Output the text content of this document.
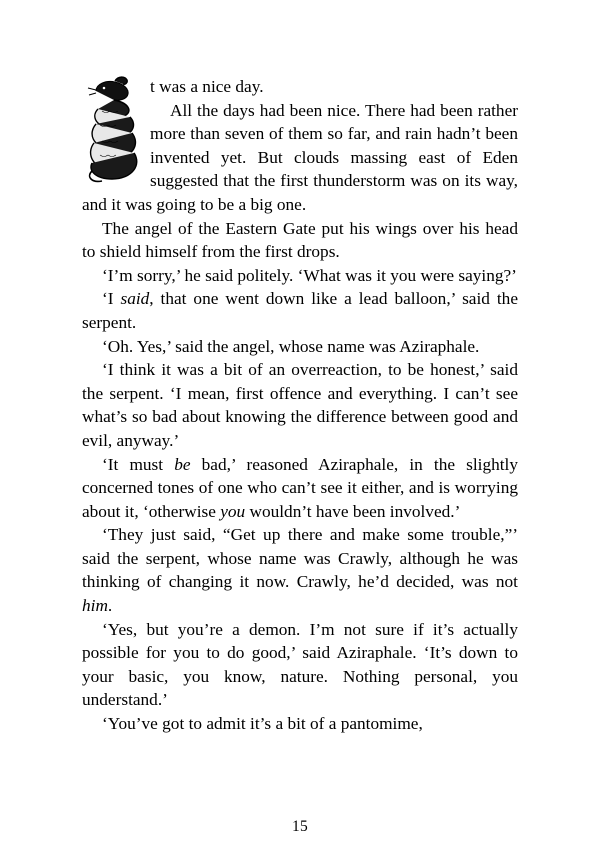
t was a nice day.

All the days had been nice. There had been rather more than seven of them so far, and rain hadn’t been invented yet. But clouds massing east of Eden suggested that the first thunderstorm was on its way, and it was going to be a big one.

The angel of the Eastern Gate put his wings over his head to shield himself from the first drops.

‘I’m sorry,’ he said politely. ‘What was it you were saying?’

‘I said, that one went down like a lead balloon,’ said the serpent.

‘Oh. Yes,’ said the angel, whose name was Aziraphale.

‘I think it was a bit of an overreaction, to be honest,’ said the serpent. ‘I mean, first offence and everything. I can’t see what’s so bad about knowing the difference between good and evil, anyway.’

‘It must be bad,’ reasoned Aziraphale, in the slightly concerned tones of one who can’t see it either, and is worrying about it, ‘otherwise you wouldn’t have been involved.’

‘They just said, “Get up there and make some trouble,”’ said the serpent, whose name was Crawly, although he was thinking of changing it now. Crawly, he’d decided, was not him.

‘Yes, but you’re a demon. I’m not sure if it’s actually possible for you to do good,’ said Aziraphale. ‘It’s down to your basic, you know, nature. Nothing personal, you understand.’

‘You’ve got to admit it’s a bit of a pantomime,

15
